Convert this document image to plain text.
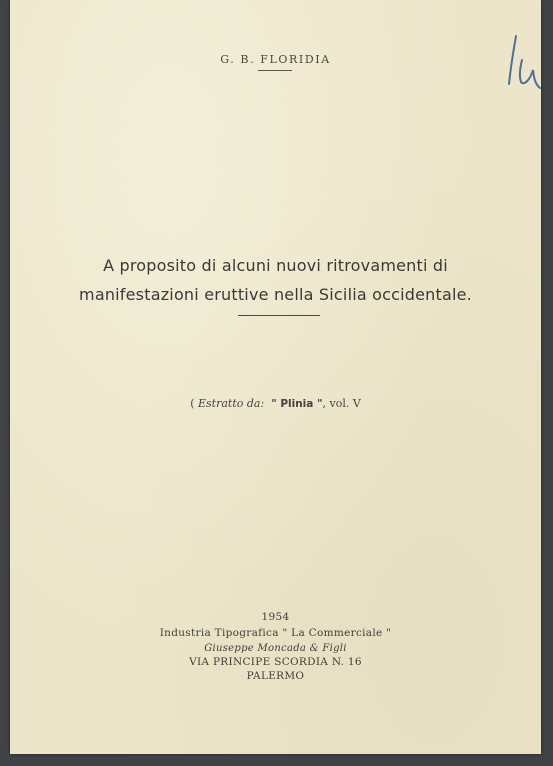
G. B. FLORIDIA
A proposito di alcuni nuovi ritrovamenti di
manifestazioni eruttive nella Sicilia occidentale.
( Estratto da: " Plinia ", vol. V
1954
Industria Tipografica " La Commerciale "
Giuseppe Moncada & Figli
VIA PRINCIPE SCORDIA N. 16
PALERMO
